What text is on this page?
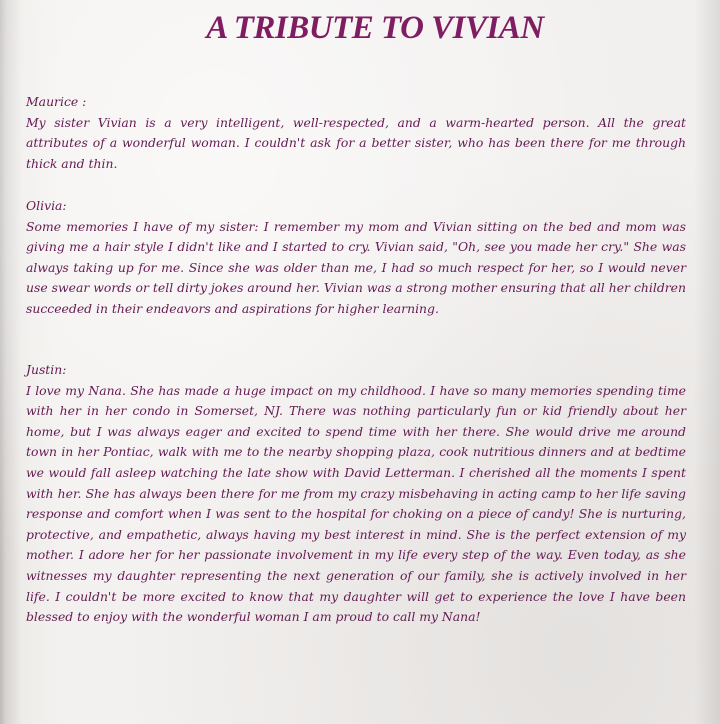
A TRIBUTE TO VIVIAN
Maurice :
My sister Vivian is a very intelligent, well-respected, and a warm-hearted person. All the great attributes of a wonderful woman. I couldn't ask for a better sister, who has been there for me through thick and thin.
Olivia:
Some memories I have of my sister: I remember my mom and Vivian sitting on the bed and mom was giving me a hair style I didn't like and I started to cry. Vivian said, "Oh, see you made her cry." She was always taking up for me. Since she was older than me, I had so much respect for her, so I would never use swear words or tell dirty jokes around her. Vivian was a strong mother ensuring that all her children succeeded in their endeavors and aspirations for higher learning.
Justin:
I love my Nana. She has made a huge impact on my childhood. I have so many memories spending time with her in her condo in Somerset, NJ. There was nothing particularly fun or kid friendly about her home, but I was always eager and excited to spend time with her there. She would drive me around town in her Pontiac, walk with me to the nearby shopping plaza, cook nutritious dinners and at bedtime we would fall asleep watching the late show with David Letterman. I cherished all the moments I spent with her. She has always been there for me from my crazy misbehaving in acting camp to her life saving response and comfort when I was sent to the hospital for choking on a piece of candy! She is nurturing, protective, and empathetic, always having my best interest in mind. She is the perfect extension of my mother. I adore her for her passionate involvement in my life every step of the way. Even today, as she witnesses my daughter representing the next generation of our family, she is actively involved in her life. I couldn't be more excited to know that my daughter will get to experience the love I have been blessed to enjoy with the wonderful woman I am proud to call my Nana!
